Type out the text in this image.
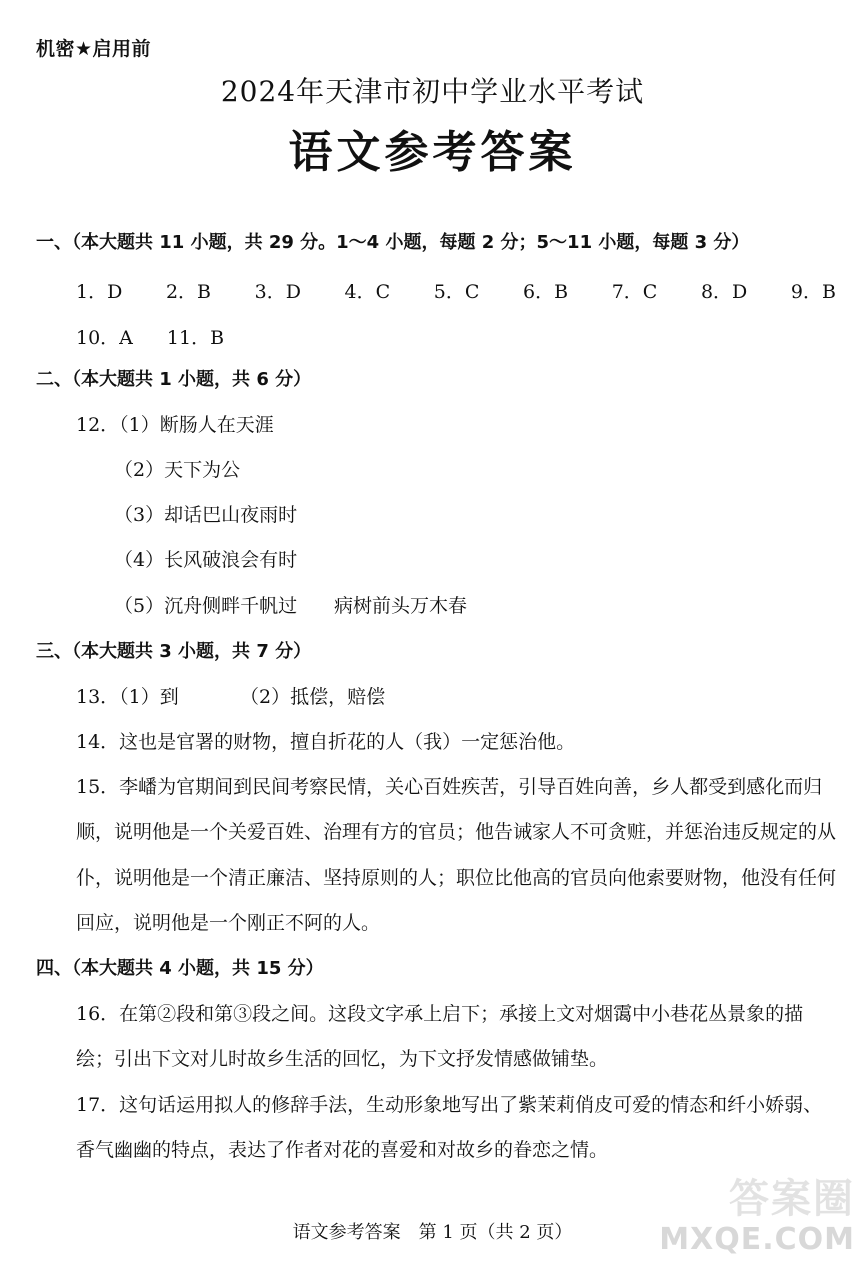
机密★启用前
2024年天津市初中学业水平考试
语文参考答案
一、（本大题共 11 小题，共 29 分。1～4 小题，每题 2 分；5～11 小题，每题 3 分）
1．D 2．B 3．D 4．C 5．C 6．B 7．C 8．D 9．B
10．A 11．B
二、（本大题共 1 小题，共 6 分）
12．（1）断肠人在天涯
（2）天下为公
（3）却话巴山夜雨时
（4）长风破浪会有时
（5）沉舟侧畔千帆过 病树前头万木春
三、（本大题共 3 小题，共 7 分）
13．（1）到	（2）抵偿，赔偿
14．这也是官署的财物，擅自折花的人（我）一定惩治他。
15．李嶓为官期间到民间考察民情，关心百姓疾苦，引导百姓向善，乡人都受到感化而归顺，说明他是一个关爱百姓、治理有方的官员；他告诫家人不可贪赃，并惩治违反规定的从仆，说明他是一个清正廉洁、坚持原则的人；职位比他高的官员向他索要财物，他没有任何回应，说明他是一个刚正不阿的人。
四、（本大题共 4 小题，共 15 分）
16．在第②段和第③段之间。这段文字承上启下；承接上文对烟霭中小巷花丛景象的描绘；引出下文对儿时故乡生活的回忆，为下文抒发情感做铺垫。
17．这句话运用拟人的修辞手法，生动形象地写出了紫茉莉俏皮可爱的情态和纤小娇弱、香气幽幽的特点，表达了作者对花的喜爱和对故乡的眷恋之情。
语文参考答案　第 1 页（共 2 页）
答案圈
MXQE.COM
